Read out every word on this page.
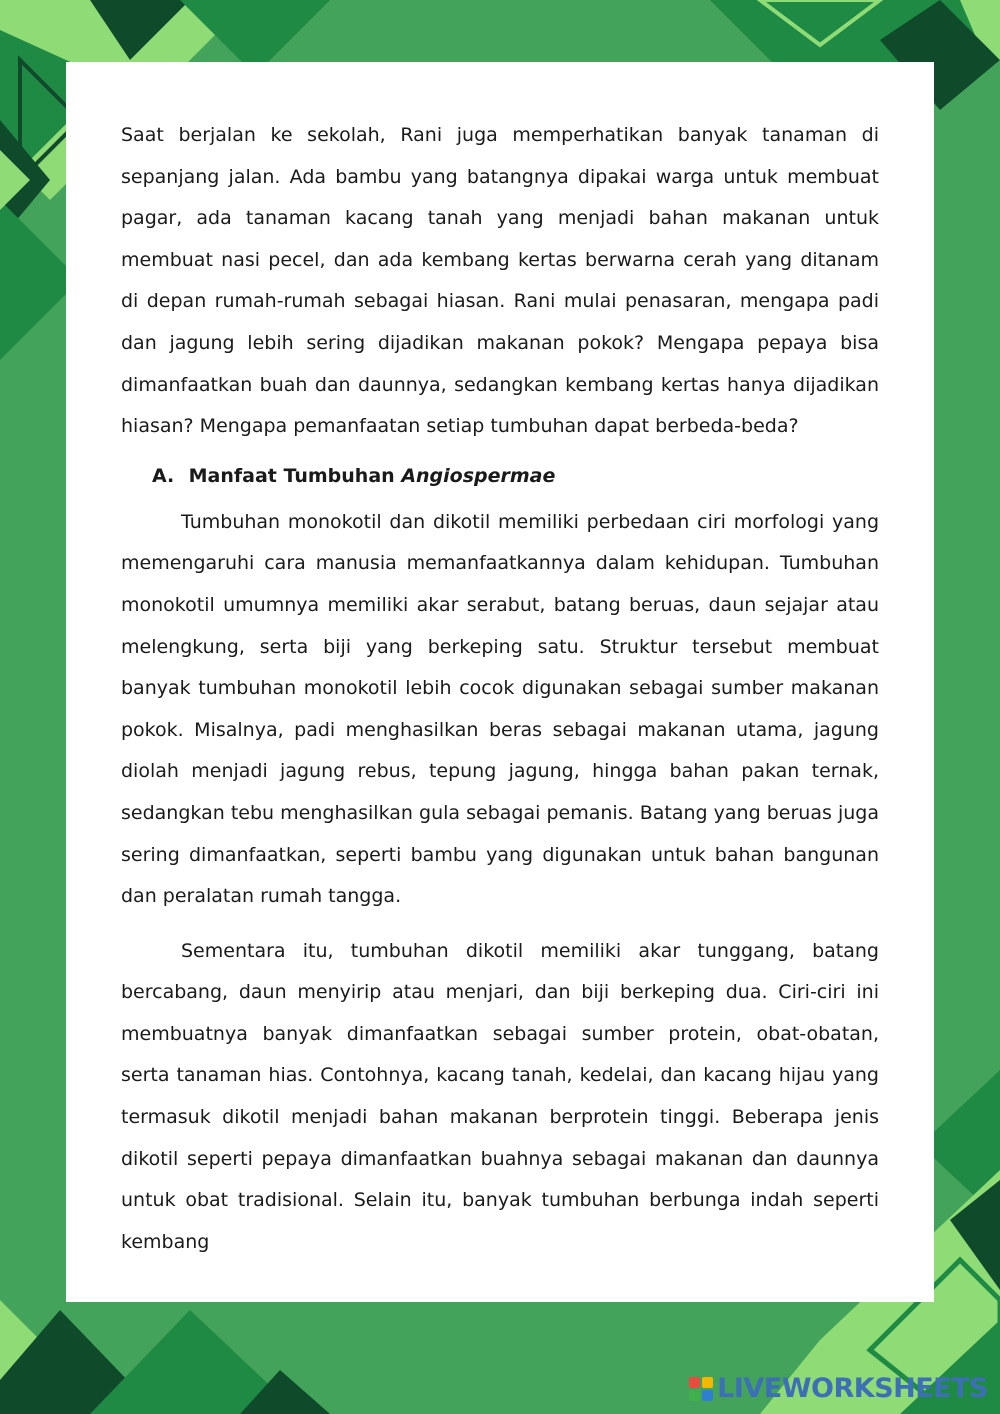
Saat berjalan ke sekolah, Rani juga memperhatikan banyak tanaman di sepanjang jalan. Ada bambu yang batangnya dipakai warga untuk membuat pagar, ada tanaman kacang tanah yang menjadi bahan makanan untuk membuat nasi pecel, dan ada kembang kertas berwarna cerah yang ditanam di depan rumah-rumah sebagai hiasan. Rani mulai penasaran, mengapa padi dan jagung lebih sering dijadikan makanan pokok? Mengapa pepaya bisa dimanfaatkan buah dan daunnya, sedangkan kembang kertas hanya dijadikan hiasan? Mengapa pemanfaatan setiap tumbuhan dapat berbeda-beda?

A. Manfaat Tumbuhan Angiospermae

Tumbuhan monokotil dan dikotil memiliki perbedaan ciri morfologi yang memengaruhi cara manusia memanfaatkannya dalam kehidupan. Tumbuhan monokotil umumnya memiliki akar serabut, batang beruas, daun sejajar atau melengkung, serta biji yang berkeping satu. Struktur tersebut membuat banyak tumbuhan monokotil lebih cocok digunakan sebagai sumber makanan pokok. Misalnya, padi menghasilkan beras sebagai makanan utama, jagung diolah menjadi jagung rebus, tepung jagung, hingga bahan pakan ternak, sedangkan tebu menghasilkan gula sebagai pemanis. Batang yang beruas juga sering dimanfaatkan, seperti bambu yang digunakan untuk bahan bangunan dan peralatan rumah tangga.

Sementara itu, tumbuhan dikotil memiliki akar tunggang, batang bercabang, daun menyirip atau menjari, dan biji berkeping dua. Ciri-ciri ini membuatnya banyak dimanfaatkan sebagai sumber protein, obat-obatan, serta tanaman hias. Contohnya, kacang tanah, kedelai, dan kacang hijau yang termasuk dikotil menjadi bahan makanan berprotein tinggi. Beberapa jenis dikotil seperti pepaya dimanfaatkan buahnya sebagai makanan dan daunnya untuk obat tradisional. Selain itu, banyak tumbuhan berbunga indah seperti kembang

LIVEWORKSHEETS
